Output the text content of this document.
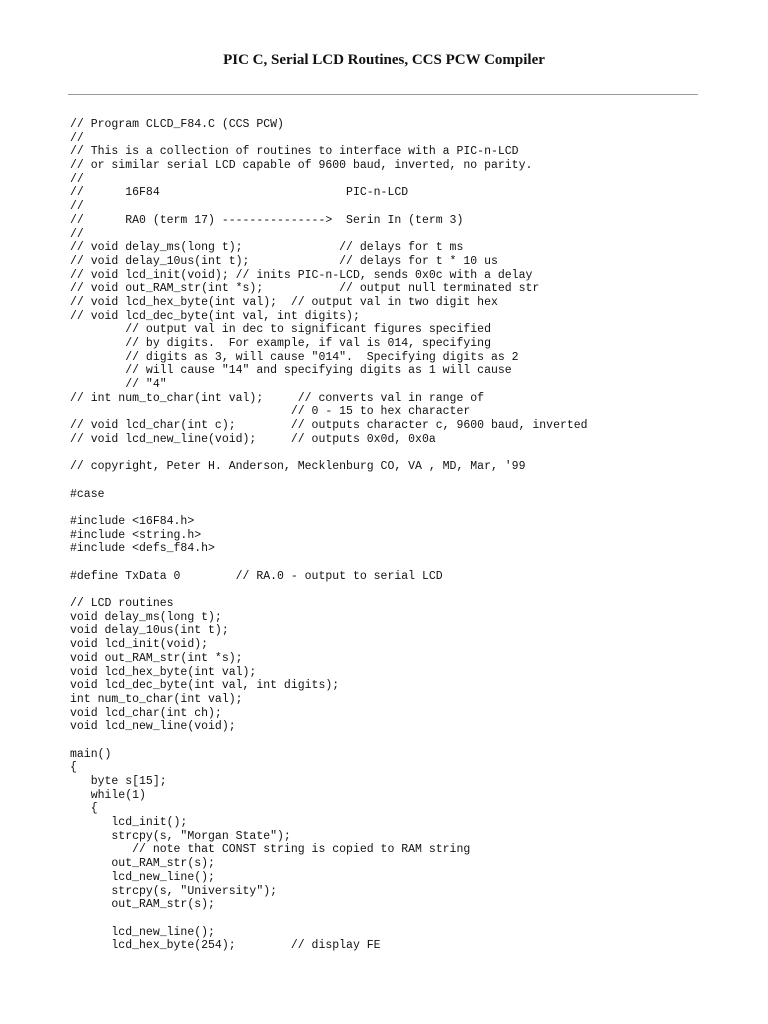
PIC C, Serial LCD Routines, CCS PCW Compiler
// Program CLCD_F84.C (CCS PCW)
//
// This is a collection of routines to interface with a PIC-n-LCD
// or similar serial LCD capable of 9600 baud, inverted, no parity.
//
//      16F84                           PIC-n-LCD
//
//      RA0 (term 17) --------------->  Serin In (term 3)
//
// void delay_ms(long t);              // delays for t ms
// void delay_10us(int t);             // delays for t * 10 us
// void lcd_init(void); // inits PIC-n-LCD, sends 0x0c with a delay
// void out_RAM_str(int *s);           // output null terminated str
// void lcd_hex_byte(int val);  // output val in two digit hex
// void lcd_dec_byte(int val, int digits);
// output val in dec to significant figures specified
// by digits.  For example, if val is 014, specifying
// digits as 3, will cause "014".  Specifying digits as 2
// will cause "14" and specifying digits as 1 will cause
// "4"
// int num_to_char(int val);     // converts val in range of
// 0 - 15 to hex character
// void lcd_char(int c);        // outputs character c, 9600 baud, inverted
// void lcd_new_line(void);     // outputs 0x0d, 0x0a
// copyright, Peter H. Anderson, Mecklenburg CO, VA , MD, Mar, '99
#case
#include <16F84.h>
#include <string.h>
#include <defs_f84.h>
#define TxData 0        // RA.0 - output to serial LCD
// LCD routines
void delay_ms(long t);
void delay_10us(int t);
void lcd_init(void);
void out_RAM_str(int *s);
void lcd_hex_byte(int val);
void lcd_dec_byte(int val, int digits);
int num_to_char(int val);
void lcd_char(int ch);
void lcd_new_line(void);
main()
{
byte s[15];
while(1)
{
lcd_init();
strcpy(s, "Morgan State");
// note that CONST string is copied to RAM string
out_RAM_str(s);
lcd_new_line();
strcpy(s, "University");
out_RAM_str(s);
lcd_new_line();
lcd_hex_byte(254);        // display FE
